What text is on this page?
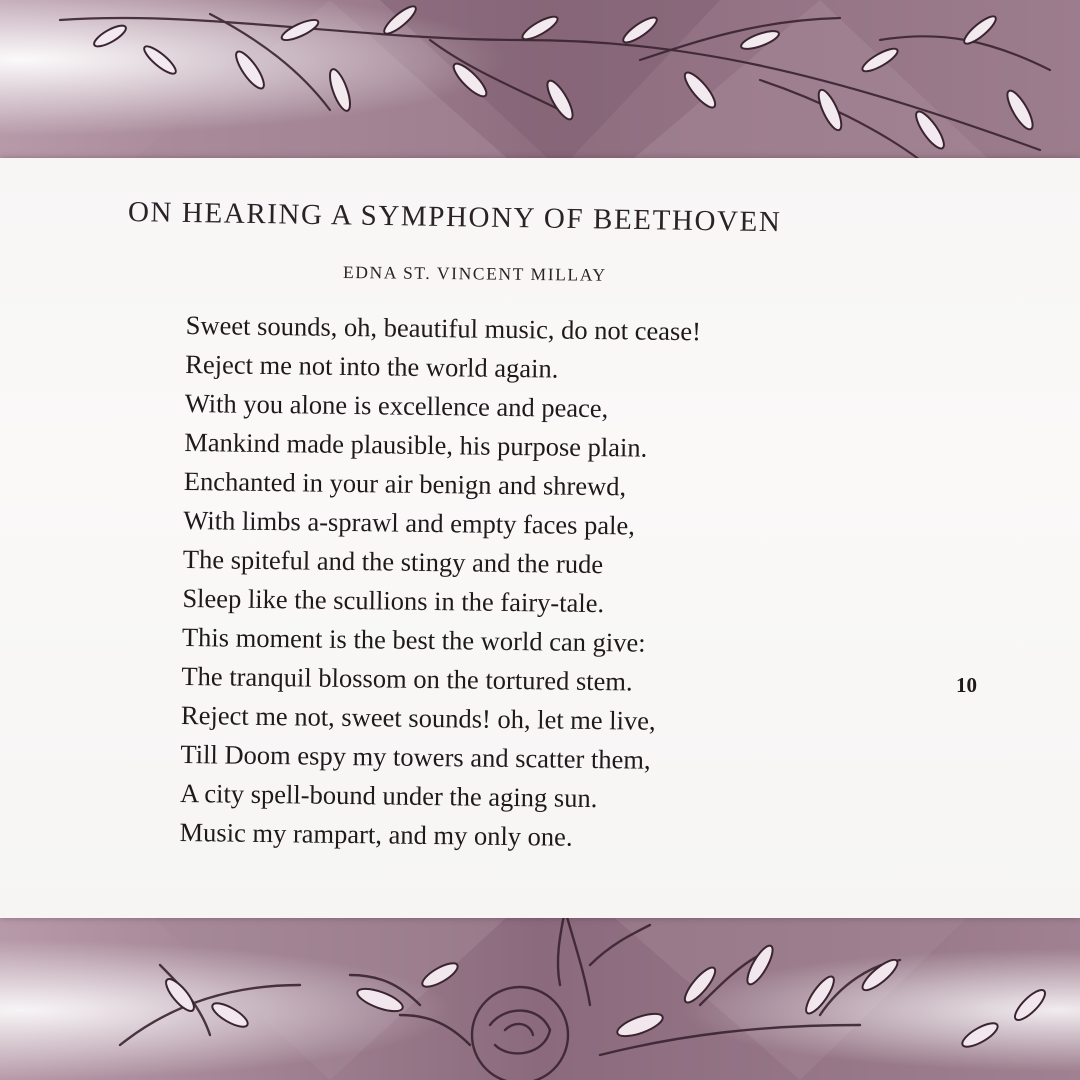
ON HEARING A SYMPHONY OF BEETHOVEN

EDNA ST. VINCENT MILLAY

Sweet sounds, oh, beautiful music, do not cease!
Reject me not into the world again.
With you alone is excellence and peace,
Mankind made plausible, his purpose plain.
Enchanted in your air benign and shrewd,
With limbs a-sprawl and empty faces pale,
The spiteful and the stingy and the rude
Sleep like the scullions in the fairy-tale.
This moment is the best the world can give:
The tranquil blossom on the tortured stem.
Reject me not, sweet sounds! oh, let me live,
Till Doom espy my towers and scatter them,
A city spell-bound under the aging sun.
Music my rampart, and my only one.
10
